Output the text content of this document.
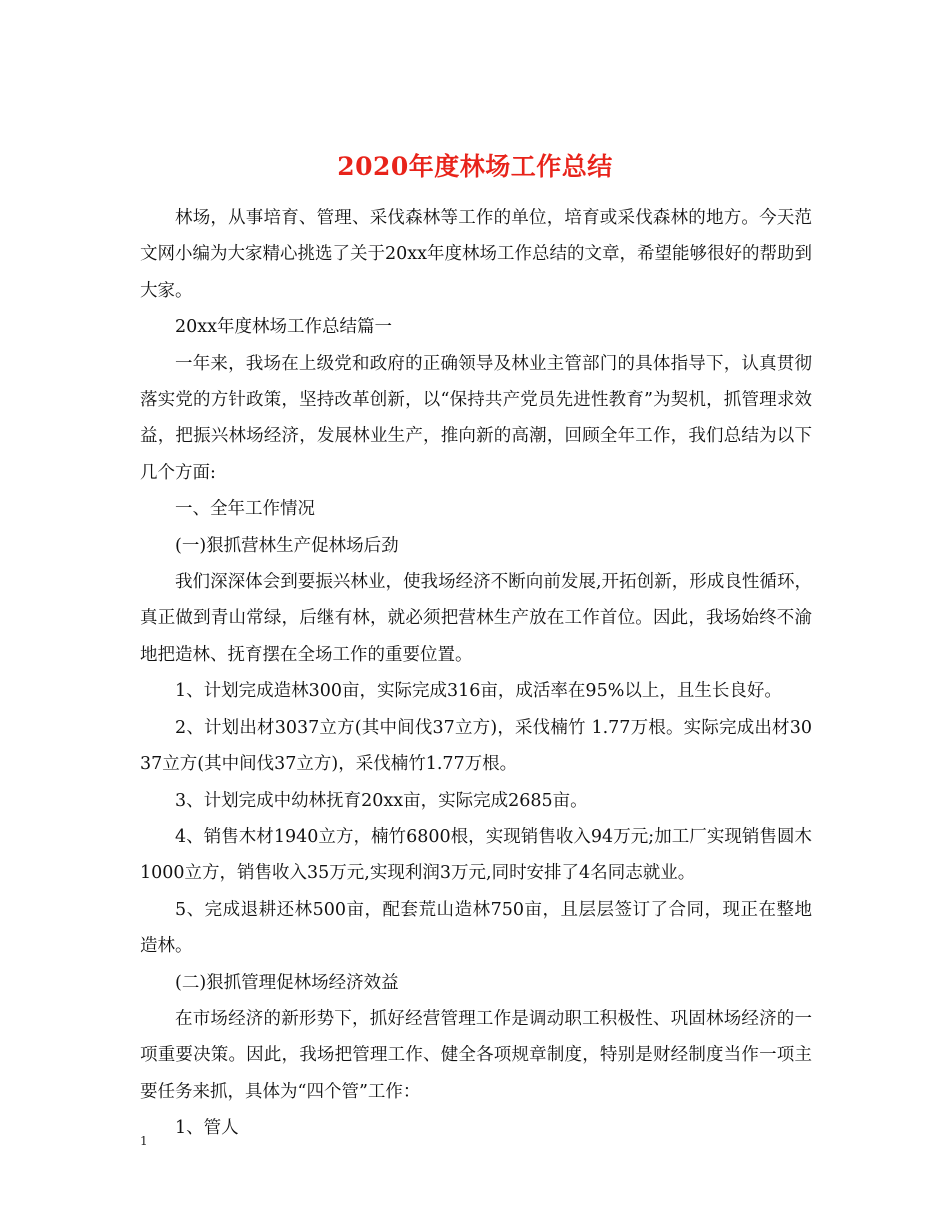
2020年度林场工作总结

林场，从事培育、管理、采伐森林等工作的单位，培育或采伐森林的地方。今天范文网小编为大家精心挑选了关于20xx年度林场工作总结的文章，希望能够很好的帮助到大家。

20xx年度林场工作总结篇一

一年来，我场在上级党和政府的正确领导及林业主管部门的具体指导下，认真贯彻落实党的方针政策，坚持改革创新，以“保持共产党员先进性教育”为契机，抓管理求效益，把振兴林场经济，发展林业生产，推向新的高潮，回顾全年工作，我们总结为以下几个方面:

一、全年工作情况

(一)狠抓营林生产促林场后劲

我们深深体会到要振兴林业，使我场经济不断向前发展,开拓创新，形成良性循环，真正做到青山常绿，后继有林，就必须把营林生产放在工作首位。因此，我场始终不渝地把造林、抚育摆在全场工作的重要位置。

1、计划完成造林300亩，实际完成316亩，成活率在95%以上，且生长良好。

2、计划出材3037立方(其中间伐37立方)，采伐楠竹 1.77万根。实际完成出材3037立方(其中间伐37立方)，采伐楠竹1.77万根。

3、计划完成中幼林抚育20xx亩，实际完成2685亩。

4、销售木材1940立方，楠竹6800根，实现销售收入94万元;加工厂实现销售圆木1000立方，销售收入35万元,实现利润3万元,同时安排了4名同志就业。

5、完成退耕还林500亩，配套荒山造林750亩，且层层签订了合同，现正在整地造林。

(二)狠抓管理促林场经济效益

在市场经济的新形势下，抓好经营管理工作是调动职工积极性、巩固林场经济的一项重要决策。因此，我场把管理工作、健全各项规章制度，特别是财经制度当作一项主要任务来抓，具体为“四个管”工作：

1、管人

1
